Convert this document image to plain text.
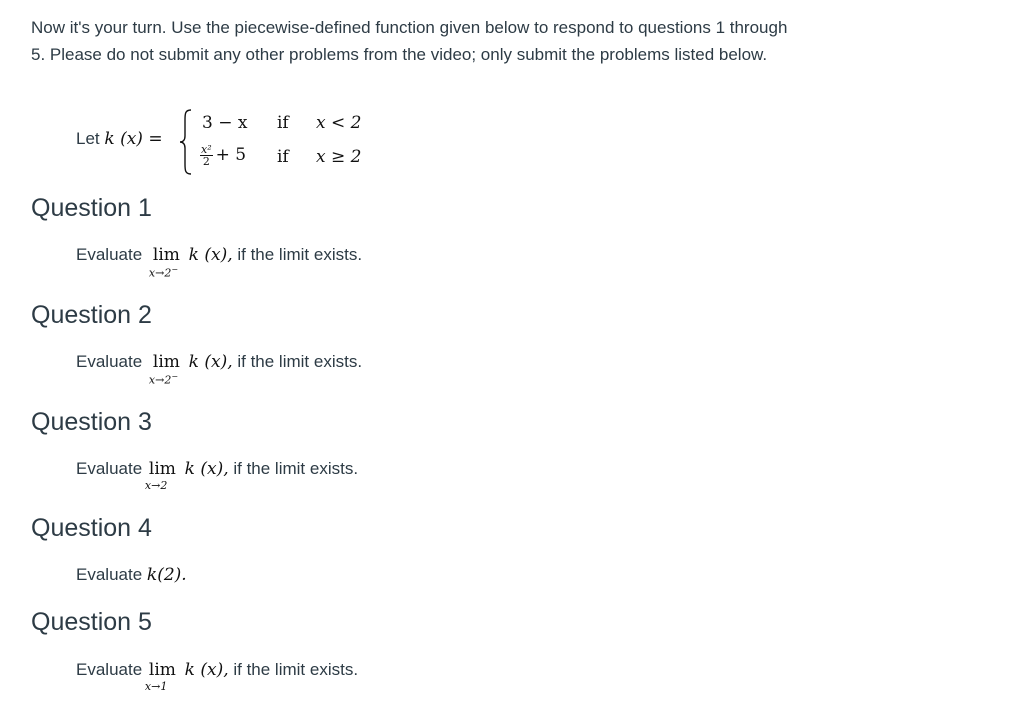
Now it's your turn. Use the piecewise-defined function given below to respond to questions 1 through 5. Please do not submit any other problems from the video; only submit the problems listed below.

Let k (x) =
3 − x if x < 2
$\frac{\text{x²}}{2} + 5$ if x ≥ 2
Question 1
Evaluate lim
x→2−
k (x), if the limit exists.
Question 2
Evaluate lim
x→2−
k (x), if the limit exists.
Question 3
Evaluate lim
x→2
k (x), if the limit exists.
Question 4
Evaluate k(2).
Question 5
Evaluate lim
x→1
k (x), if the limit exists.
